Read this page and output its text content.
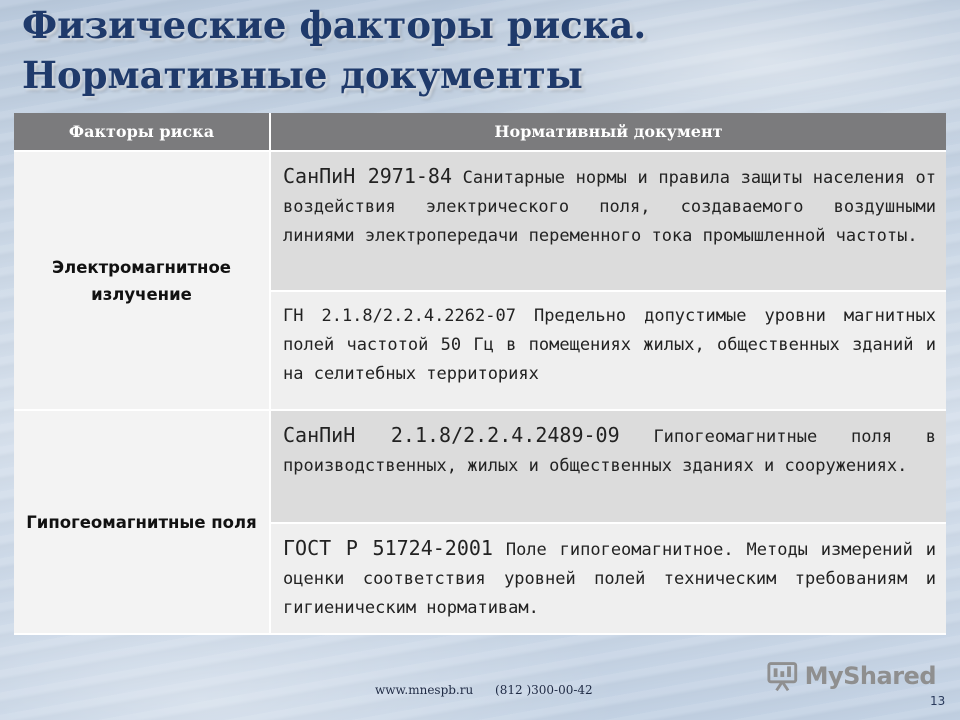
Физические факторы риска.
Нормативные документы
Факторы риска	Нормативный документ
Электромагнитное излучение	СанПиН 2971-84 Санитарные нормы и правила защиты населения от воздействия электрического поля, создаваемого воздушными линиями электропередачи переменного тока промышленной частоты.
	ГН 2.1.8/2.2.4.2262-07 Предельно допустимые уровни магнитных полей частотой 50 Гц в помещениях жилых, общественных зданий и на селитебных территориях
Гипогеомагнитные поля	СанПиН 2.1.8/2.2.4.2489-09 Гипогеомагнитные поля в производственных, жилых и общественных зданиях и сооружениях.
	ГОСТ Р 51724-2001 Поле гипогеомагнитное. Методы измерений и оценки соответствия уровней полей техническим требованиям и гигиеническим нормативам.
MyShared
www.mnespb.ru (812 )300-00-42
13
